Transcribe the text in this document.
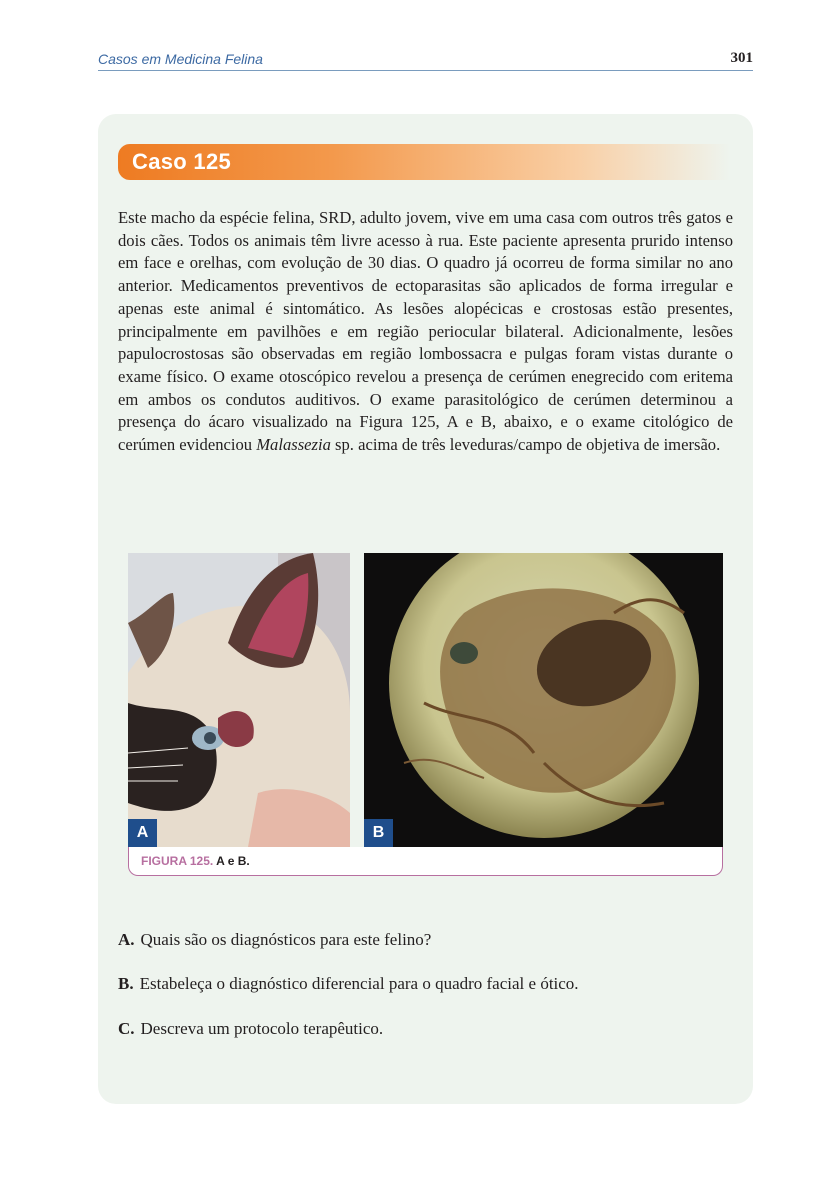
Casos em Medicina Felina	301
Caso 125

Este macho da espécie felina, SRD, adulto jovem, vive em uma casa com outros três gatos e dois cães. Todos os animais têm livre acesso à rua. Este paciente apresenta prurido intenso em face e orelhas, com evolução de 30 dias. O quadro já ocorreu de forma similar no ano anterior. Medicamentos preventivos de ectoparasitas são aplicados de forma irregular e apenas este animal é sintomático. As lesões alopécicas e crostosas estão presentes, principalmente em pavilhões e em região periocular bilateral. Adicionalmente, lesões papulocrostosas são observadas em região lombossacra e pulgas foram vistas durante o exame físico. O exame otoscópico revelou a presença de cerúmen enegrecido com eritema em ambos os condutos auditivos. O exame parasitológico de cerúmen determinou a presença do ácaro visualizado na Figura 125, A e B, abaixo, e o exame citológico de cerúmen evidenciou Malassezia sp. acima de três leveduras/campo de objetiva de imersão.

A	B
FIGURA 125. A e B.
A. Quais são os diagnósticos para este felino?
B. Estabeleça o diagnóstico diferencial para o quadro facial e ótico.
C. Descreva um protocolo terapêutico.
